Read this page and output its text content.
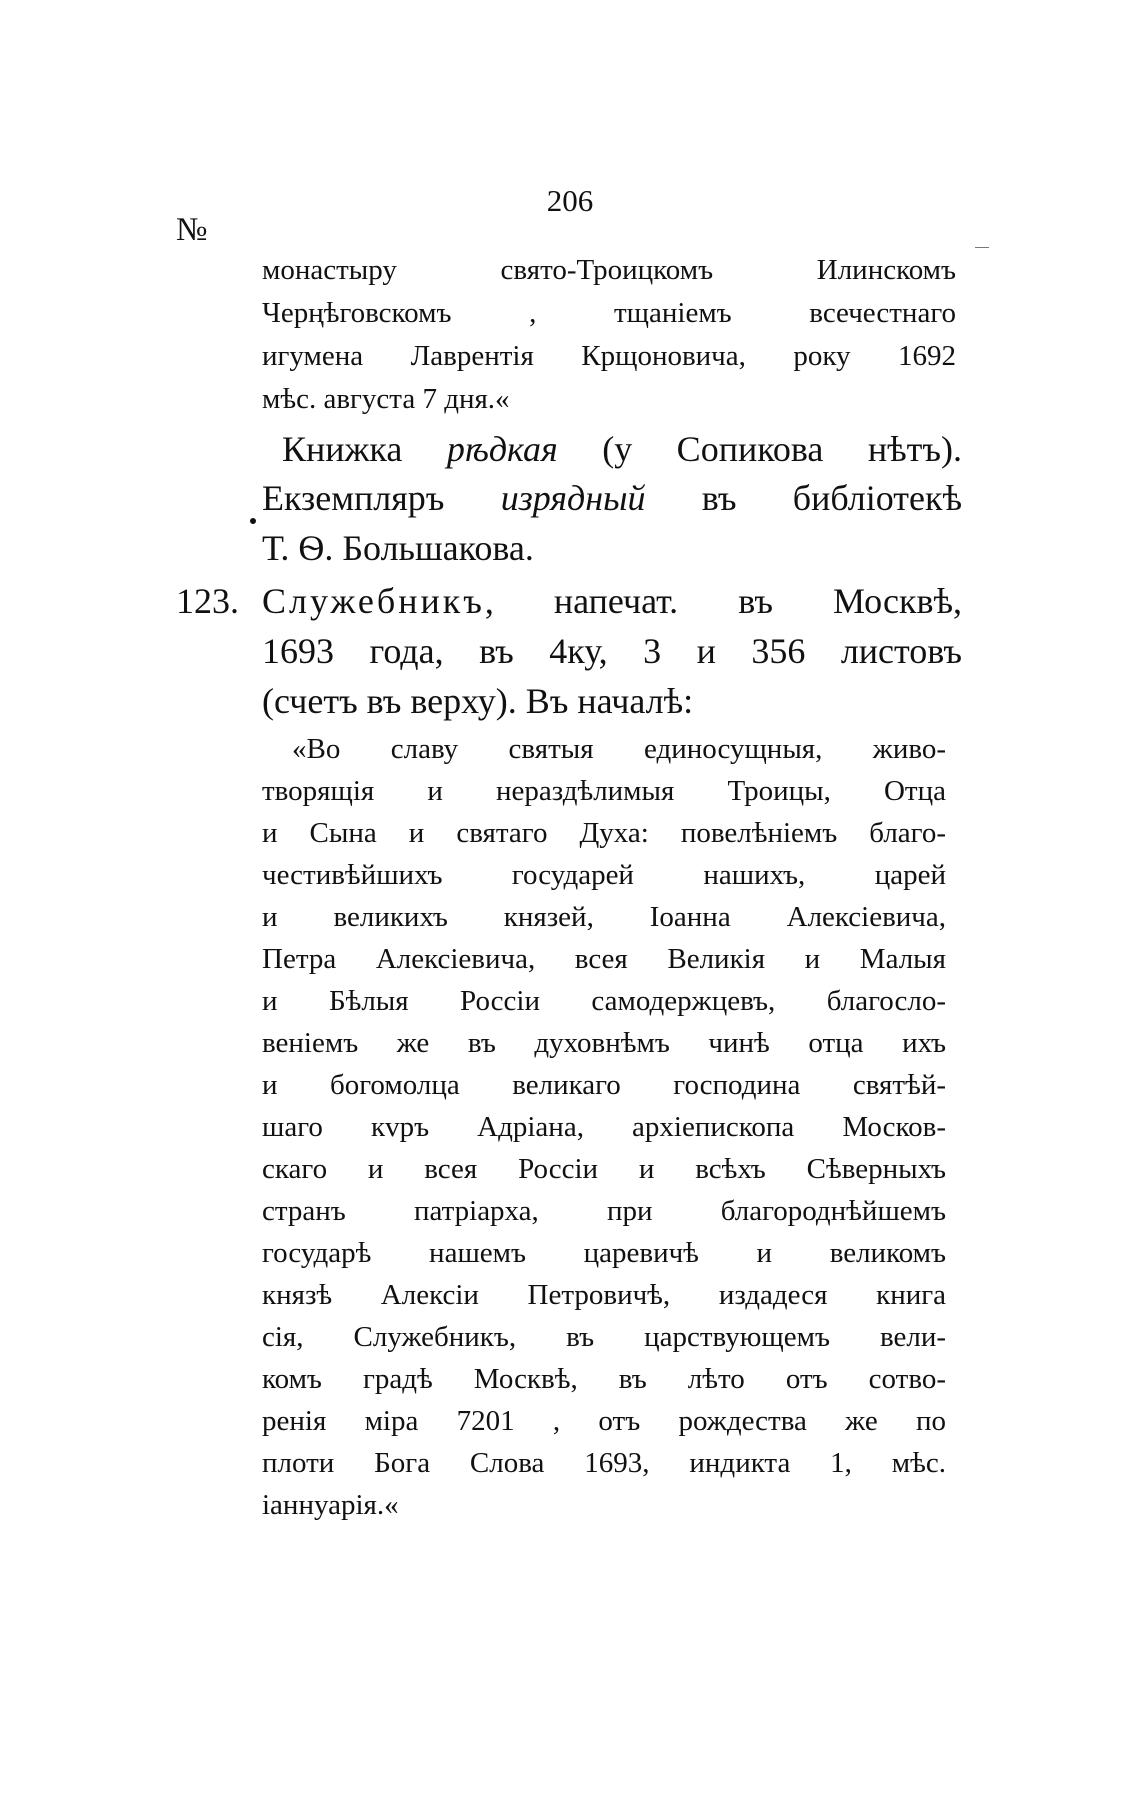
206
№
монастыру свято-Троицкомъ Илинскомъ
Черңѣговскомъ , тщаніемъ всечестнаго
игумена Лаврентія Крщоновича, року 1692
мѣс. августа 7 дня.«
Книжка рѣдкая (у Сопикова нѣтъ).
Екземпляръ изрядный въ библіотекѣ
Т. Ѳ. Большакова.
123. Служебникъ, напечат. въ Москвѣ,
1693 года, въ 4ку, 3 и 356 листовъ
(счетъ въ верху). Въ началѣ:
«Во славу святыя единосущныя, живо-
творящія и нераздѣлимыя Троицы, Отца
и Сына и святаго Духа: повелѣніемъ благо-
честивѣйшихъ государей нашихъ, царей
и великихъ князей, Іоанна Алексіевича,
Петра Алексіевича, всея Великія и Малыя
и Бѣлыя Россіи самодержцевъ, благосло-
веніемъ же въ духовнѣмъ чинѣ отца ихъ
и богомолца великаго господина святѣй-
шаго кvръ Адріана, архіепископа Москов-
скаго и всея Россіи и всѣхъ Сѣверныхъ
странъ патріарха, при благороднѣйшемъ
государѣ нашемъ царевичѣ и великомъ
князѣ Алексіи Петровичѣ, издадеся книга
сія, Служебникъ, въ царствующемъ вели-
комъ градѣ Москвѣ, въ лѣто отъ сотво-
ренія міра 7201 , отъ рождества же по
плоти Бога Слова 1693, индикта 1, мѣс.
іаннуарія.«
